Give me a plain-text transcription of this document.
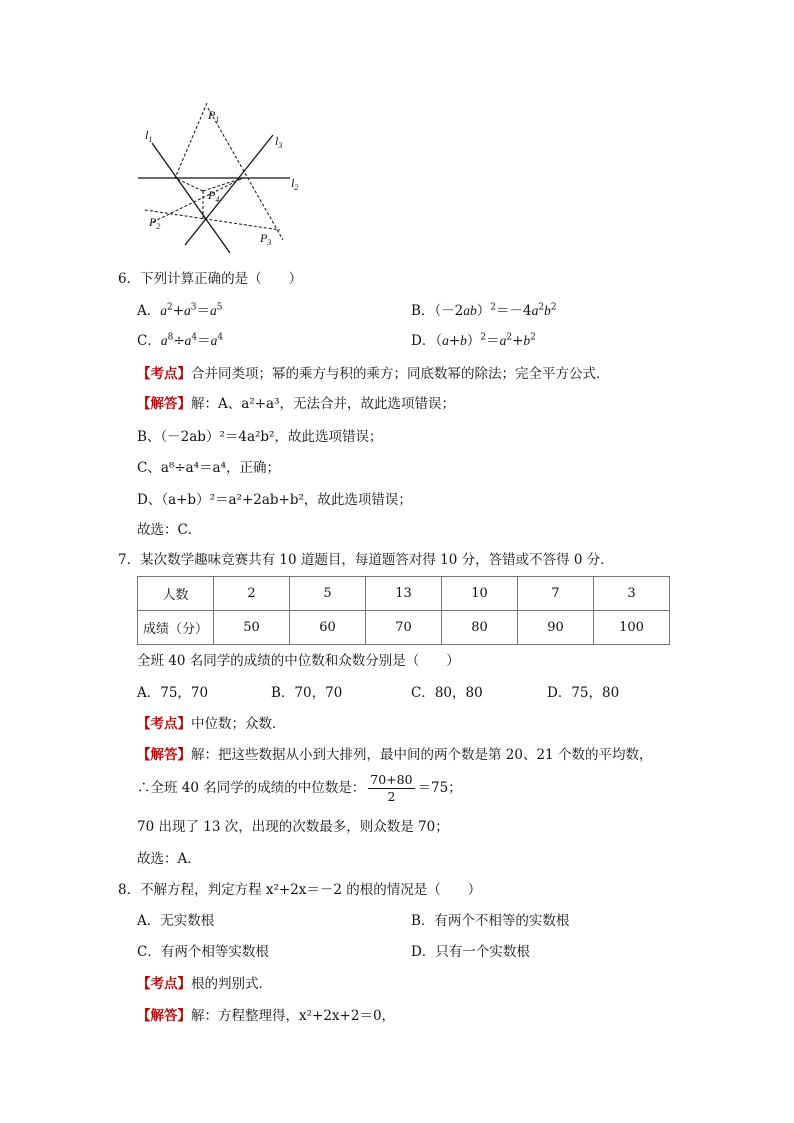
$P_1$
$l_1$	$l_3$
$l_2$
$P_4$
$P_2$
$P_3$
6．下列计算正确的是（　　）
A．$a^2+a^3=a^5$	B．$(-2ab)^2=-4a^2b^2$
C．$a^8\div a^4=a^4$	D．$(a+b)^2=a^2+b^2$
【考点】合并同类项；幂的乘方与积的乘方；同底数幂的除法；完全平方公式．
【解答】解：A、a²+a³，无法合并，故此选项错误；
B、（－2ab）²＝4a²b²，故此选项错误；
C、a⁸÷a⁴＝a⁴，正确；
D、（a+b）²＝a²+2ab+b²，故此选项错误；
故选：C．
7．某次数学趣味竞赛共有 10 道题目，每道题答对得 10 分，答错或不答得 0 分．
人数	2	5	13	10	7	3
成绩（分）	50	60	70	80	90	100
全班 40 名同学的成绩的中位数和众数分别是（　　）
A．75，70	B．70，70	C．80，80	D．75，80
【考点】中位数；众数．
【解答】解：把这些数据从小到大排列，最中间的两个数是第 20、21 个数的平均数，
∴全班 40 名同学的成绩的中位数是： $\frac{70+80}{2} =75$；
70 出现了 13 次，出现的次数最多，则众数是 70；
故选：A．
8．不解方程，判定方程 x²+2x＝－2 的根的情况是（　　）
A．无实数根	B．有两个不相等的实数根
C．有两个相等实数根	D．只有一个实数根
【考点】根的判别式．
【解答】解：方程整理得，x²+2x+2＝0，
